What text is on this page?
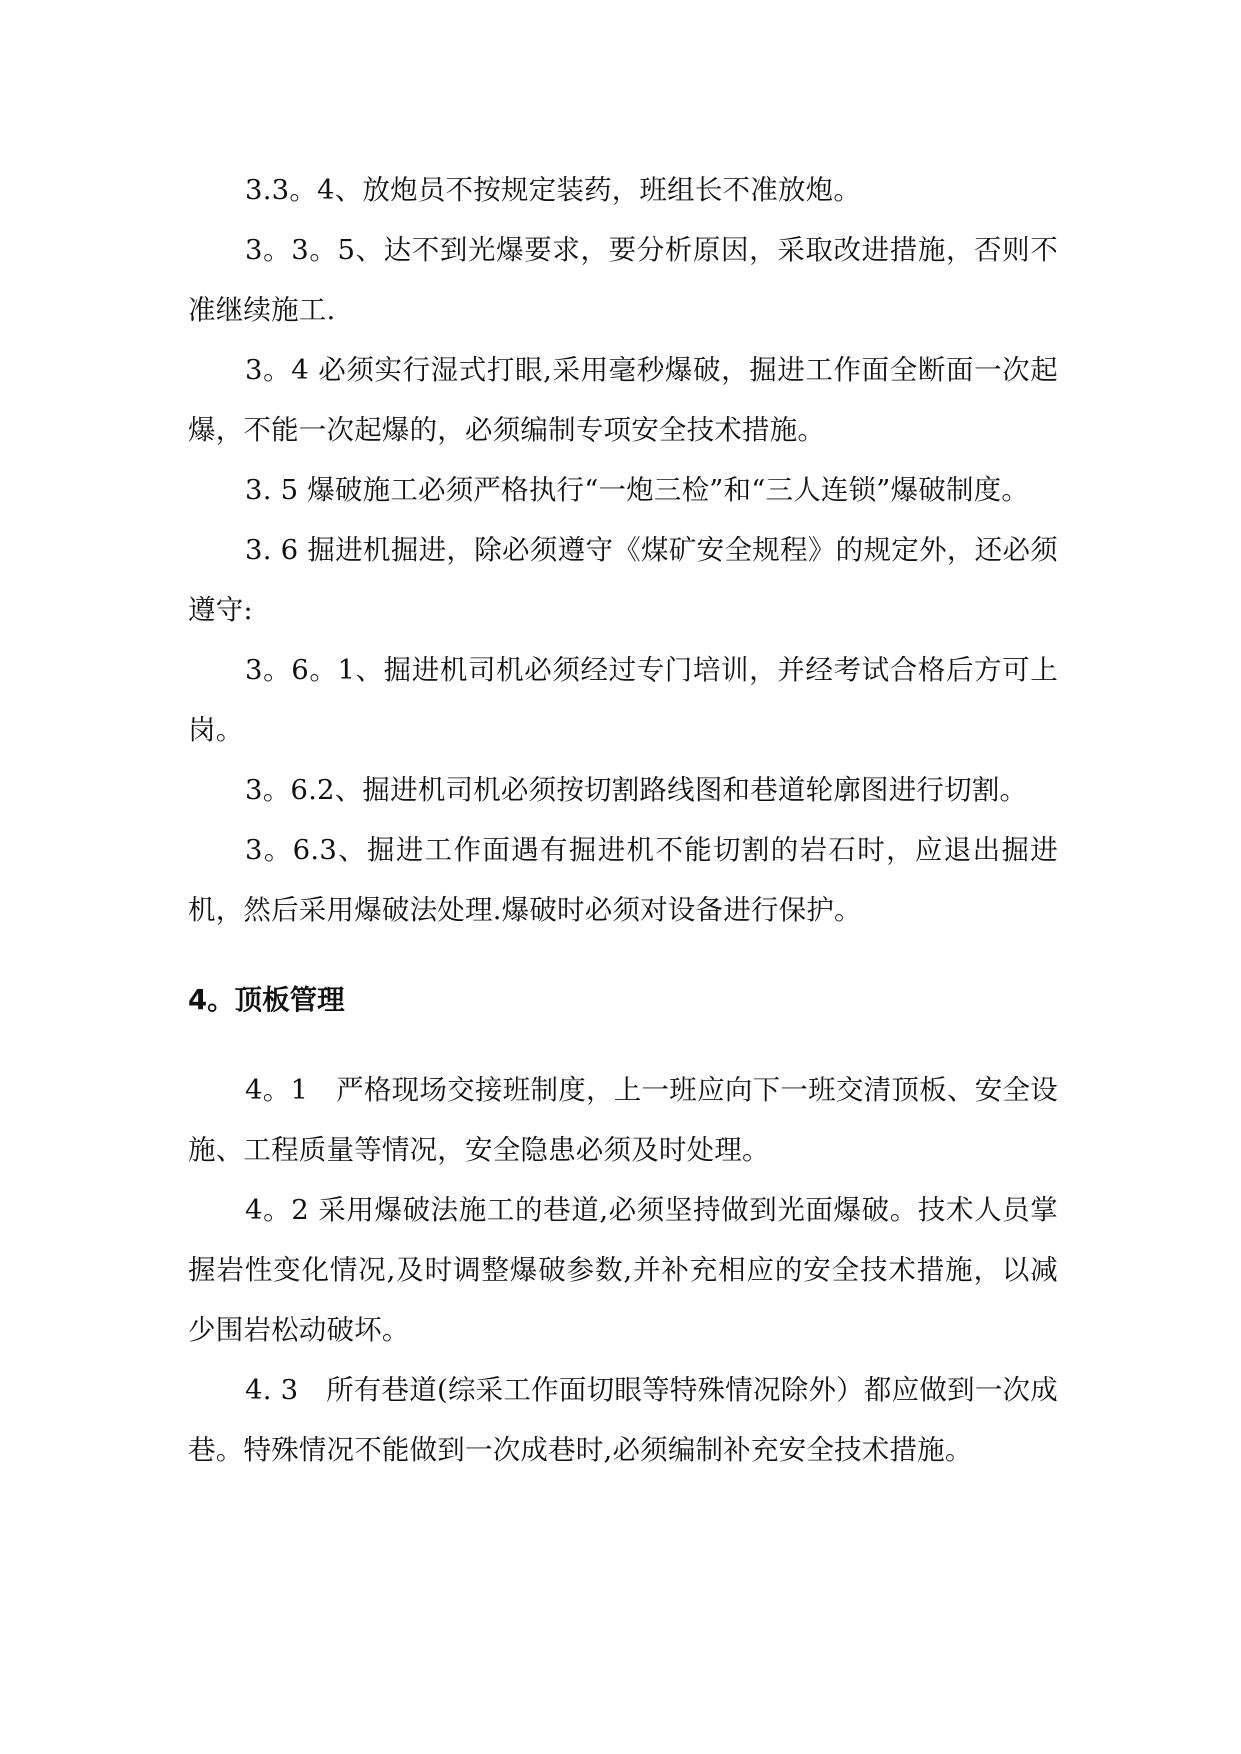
3.3。4、放炮员不按规定装药，班组长不准放炮。

3。3。5、达不到光爆要求，要分析原因，采取改进措施，否则不准继续施工.

3。4 必须实行湿式打眼,采用毫秒爆破，掘进工作面全断面一次起爆，不能一次起爆的，必须编制专项安全技术措施。

3. 5 爆破施工必须严格执行“一炮三检”和“三人连锁”爆破制度。

3. 6 掘进机掘进，除必须遵守《煤矿安全规程》的规定外，还必须遵守:

3。6。1、掘进机司机必须经过专门培训，并经考试合格后方可上岗。

3。6.2、掘进机司机必须按切割路线图和巷道轮廓图进行切割。

3。6.3、掘进工作面遇有掘进机不能切割的岩石时，应退出掘进机，然后采用爆破法处理.爆破时必须对设备进行保护。

4。顶板管理

4。1　严格现场交接班制度，上一班应向下一班交清顶板、安全设施、工程质量等情况，安全隐患必须及时处理。

4。2 采用爆破法施工的巷道,必须坚持做到光面爆破。技术人员掌握岩性变化情况,及时调整爆破参数,并补充相应的安全技术措施，以减少围岩松动破坏。

4. 3　所有巷道(综采工作面切眼等特殊情况除外）都应做到一次成巷。特殊情况不能做到一次成巷时,必须编制补充安全技术措施。
